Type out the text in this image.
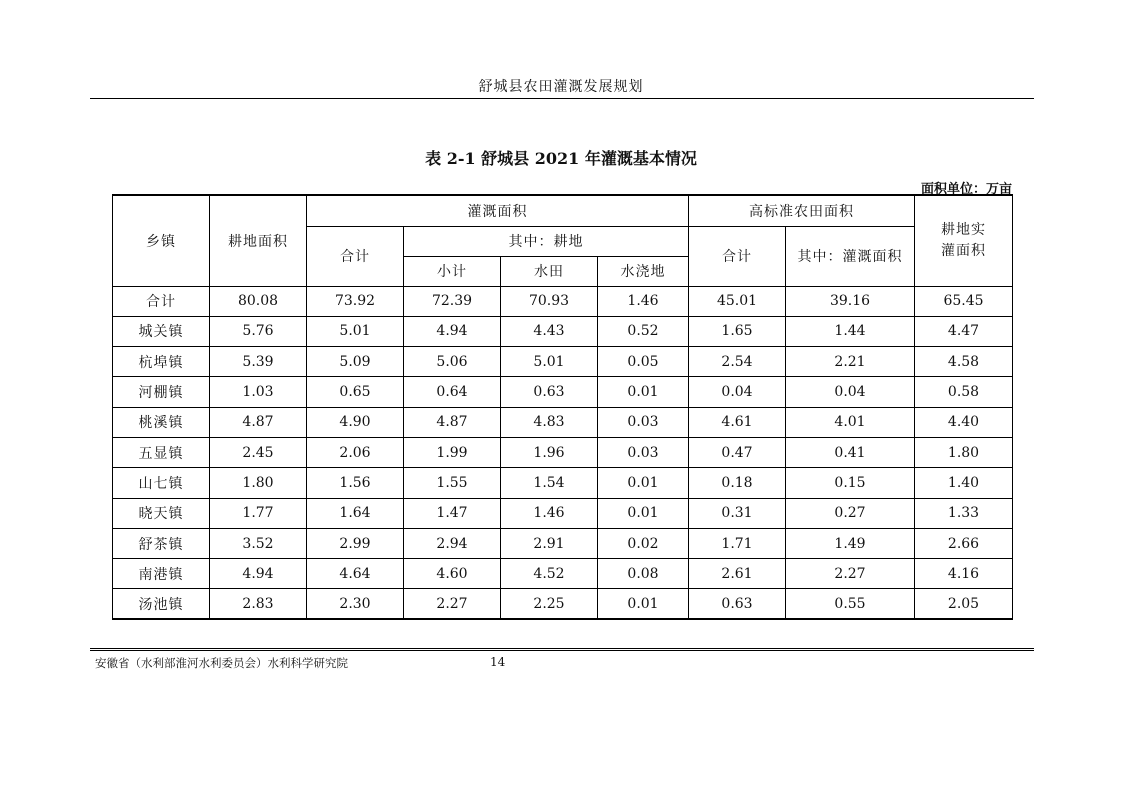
舒城县农田灌溉发展规划
表 2-1 舒城县 2021 年灌溉基本情况
面积单位：万亩
乡镇	耕地面积	灌溉面积				高标准农田面积		耕地实灌面积

		合计	其中：耕地			合计	其中：灌溉面积	
			小计	水田	水浇地			
合计	80.08	73.92	72.39	70.93	1.46	45.01	39.16	65.45
城关镇	5.76	5.01	4.94	4.43	0.52	1.65	1.44	4.47
杭埠镇	5.39	5.09	5.06	5.01	0.05	2.54	2.21	4.58
河棚镇	1.03	0.65	0.64	0.63	0.01	0.04	0.04	0.58
桃溪镇	4.87	4.90	4.87	4.83	0.03	4.61	4.01	4.40
五显镇	2.45	2.06	1.99	1.96	0.03	0.47	0.41	1.80
山七镇	1.80	1.56	1.55	1.54	0.01	0.18	0.15	1.40
晓天镇	1.77	1.64	1.47	1.46	0.01	0.31	0.27	1.33
舒茶镇	3.52	2.99	2.94	2.91	0.02	1.71	1.49	2.66
南港镇	4.94	4.64	4.60	4.52	0.08	2.61	2.27	4.16
汤池镇	2.83	2.30	2.27	2.25	0.01	0.63	0.55	2.05
安徽省（水利部淮河水利委员会）水利科学研究院	14
